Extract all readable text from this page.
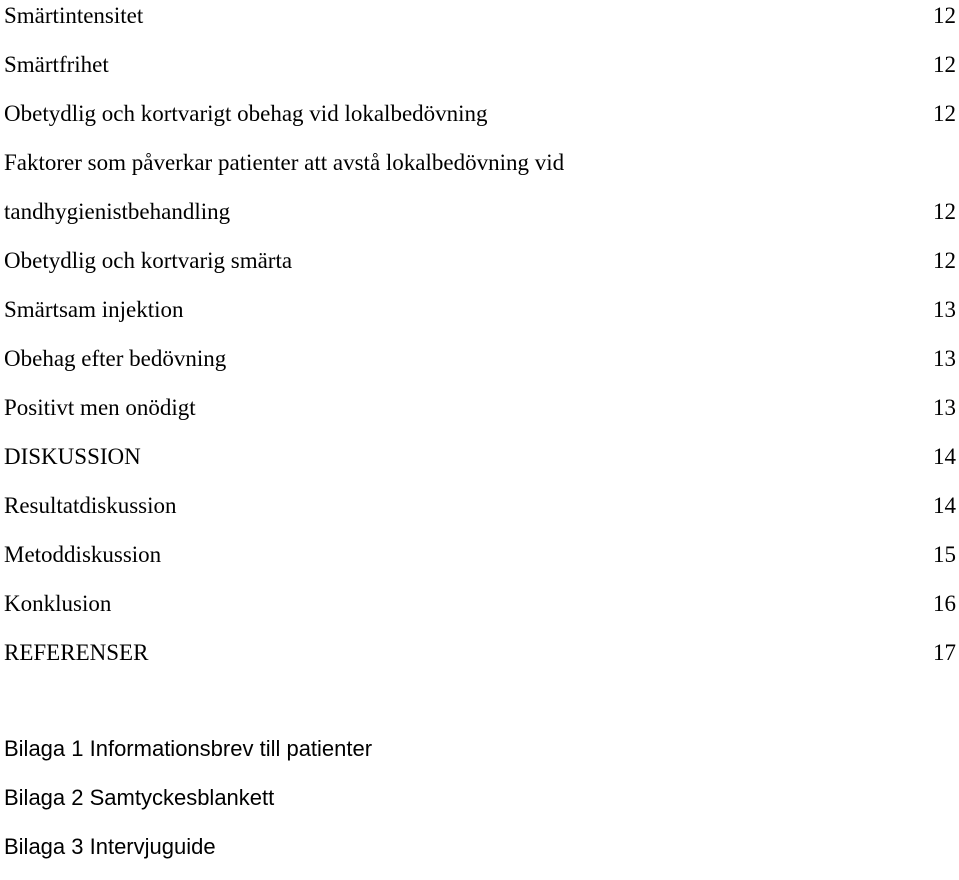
Smärtintensitet	12
Smärtfrihet	12
Obetydlig och kortvarigt obehag vid lokalbedövning	12
Faktorer som påverkar patienter att avstå lokalbedövning vid
tandhygienistbehandling	12
Obetydlig och kortvarig smärta	12
Smärtsam injektion	13
Obehag efter bedövning	13
Positivt men onödigt	13
DISKUSSION	14
Resultatdiskussion	14
Metoddiskussion	15
Konklusion	16
REFERENSER	17
Bilaga 1 Informationsbrev till patienter
Bilaga 2 Samtyckesblankett
Bilaga 3 Intervjuguide
